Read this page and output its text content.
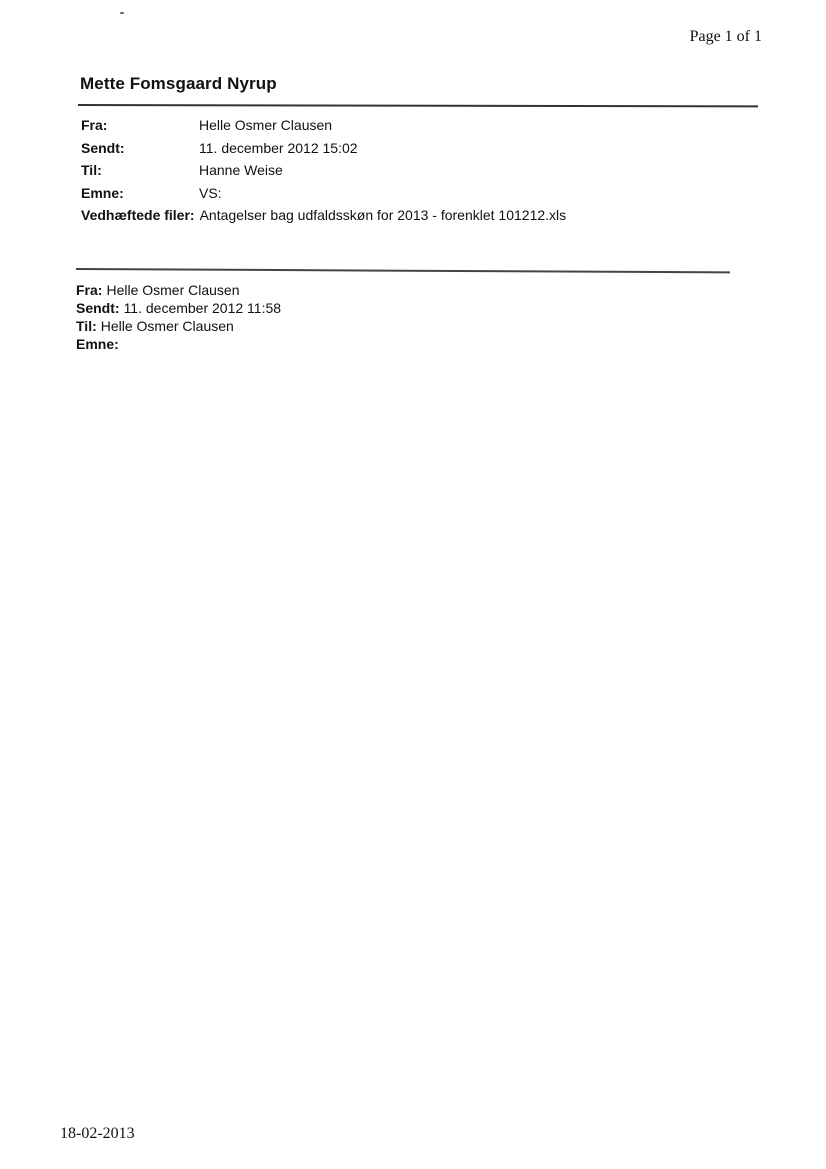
Page 1 of 1
Mette Fomsgaard Nyrup
Fra:	Helle Osmer Clausen
Sendt:	11. december 2012 15:02
Til:	Hanne Weise
Emne:	VS:
Vedhæftede filer: Antagelser bag udfaldsskøn for 2013 - forenklet 101212.xls
Fra: Helle Osmer Clausen
Sendt: 11. december 2012 11:58
Til: Helle Osmer Clausen
Emne:
18-02-2013
